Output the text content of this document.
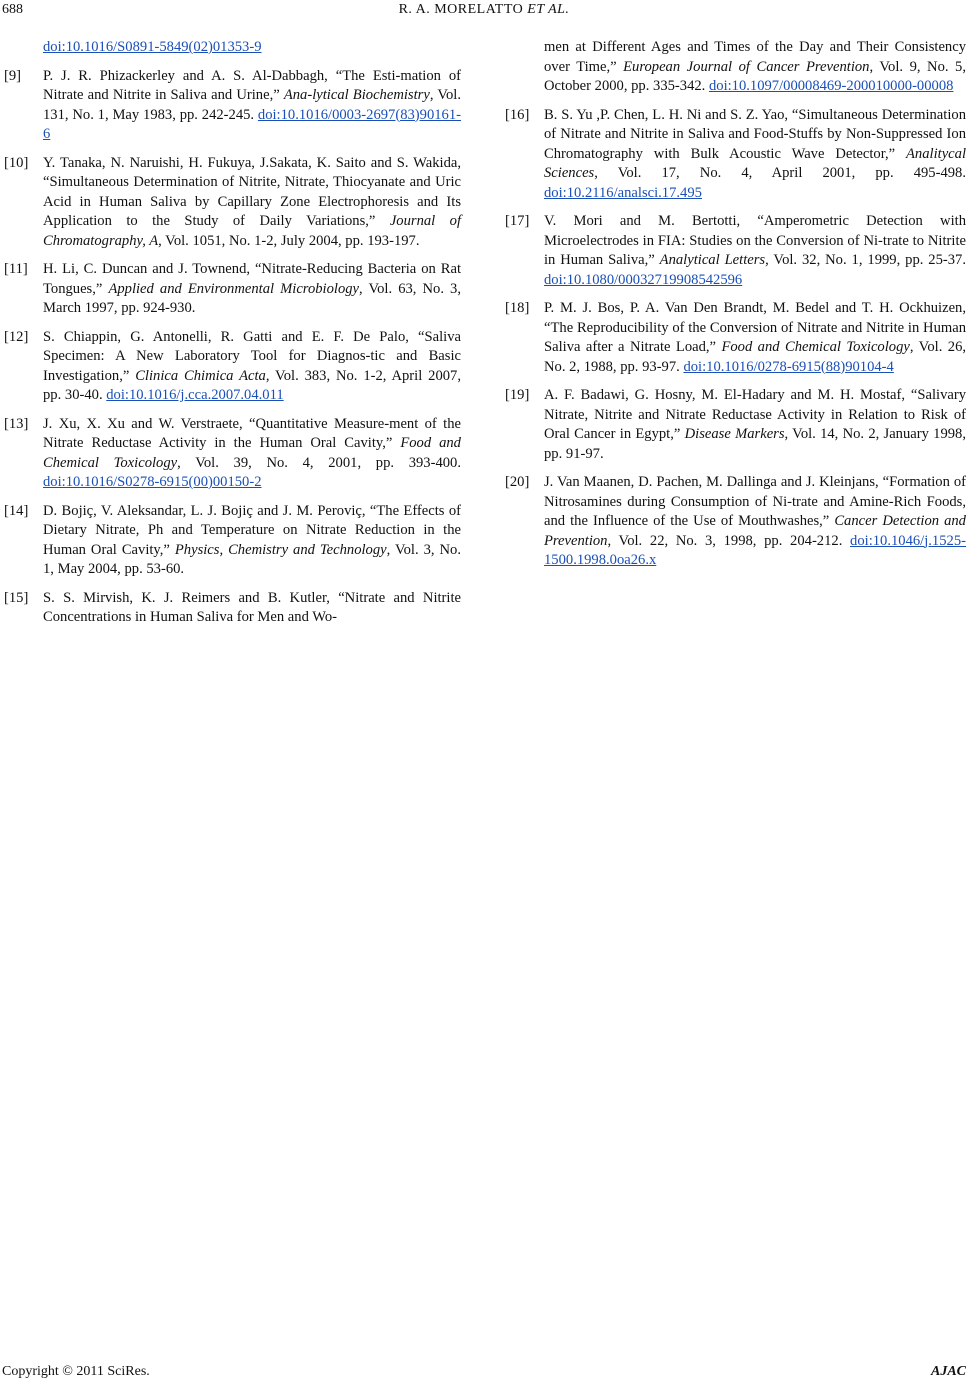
688	R. A. MORELATTO ET AL.
doi:10.1016/S0891-5849(02)01353-9
[9] P. J. R. Phizackerley and A. S. Al-Dabbagh, “The Esti-mation of Nitrate and Nitrite in Saliva and Urine,” Ana-lytical Biochemistry, Vol. 131, No. 1, May 1983, pp. 242-245. doi:10.1016/0003-2697(83)90161-6
[10] Y. Tanaka, N. Naruishi, H. Fukuya, J.Sakata, K. Saito and S. Wakida, “Simultaneous Determination of Nitrite, Nitrate, Thiocyanate and Uric Acid in Human Saliva by Capillary Zone Electrophoresis and Its Application to the Study of Daily Variations,” Journal of Chromatography, A, Vol. 1051, No. 1-2, July 2004, pp. 193-197.
[11] H. Li, C. Duncan and J. Townend, “Nitrate-Reducing Bacteria on Rat Tongues,” Applied and Environmental Microbiology, Vol. 63, No. 3, March 1997, pp. 924-930.
[12] S. Chiappin, G. Antonelli, R. Gatti and E. F. De Palo, “Saliva Specimen: A New Laboratory Tool for Diagnos-tic and Basic Investigation,” Clinica Chimica Acta, Vol. 383, No. 1-2, April 2007, pp. 30-40. doi:10.1016/j.cca.2007.04.011
[13] J. Xu, X. Xu and W. Verstraete, “Quantitative Measure-ment of the Nitrate Reductase Activity in the Human Oral Cavity,” Food and Chemical Toxicology, Vol. 39, No. 4, 2001, pp. 393-400. doi:10.1016/S0278-6915(00)00150-2
[14] D. Bojiç, V. Aleksandar, L. J. Bojiç and J. M. Peroviç, “The Effects of Dietary Nitrate, Ph and Temperature on Nitrate Reduction in the Human Oral Cavity,” Physics, Chemistry and Technology, Vol. 3, No. 1, May 2004, pp. 53-60.
[15] S. S. Mirvish, K. J. Reimers and B. Kutler, “Nitrate and Nitrite Concentrations in Human Saliva for Men and Wo-
men at Different Ages and Times of the Day and Their Consistency over Time,” European Journal of Cancer Prevention, Vol. 9, No. 5, October 2000, pp. 335-342. doi:10.1097/00008469-200010000-00008
[16] B. S. Yu ,P. Chen, L. H. Ni and S. Z. Yao, “Simultaneous Determination of Nitrate and Nitrite in Saliva and Food-Stuffs by Non-Suppressed Ion Chromatography with Bulk Acoustic Wave Detector,” Analitycal Sciences, Vol. 17, No. 4, April 2001, pp. 495-498. doi:10.2116/analsci.17.495
[17] V. Mori and M. Bertotti, “Amperometric Detection with Microelectrodes in FIA: Studies on the Conversion of Ni-trate to Nitrite in Human Saliva,” Analytical Letters, Vol. 32, No. 1, 1999, pp. 25-37. doi:10.1080/00032719908542596
[18] P. M. J. Bos, P. A. Van Den Brandt, M. Bedel and T. H. Ockhuizen, “The Reproducibility of the Conversion of Nitrate and Nitrite in Human Saliva after a Nitrate Load,” Food and Chemical Toxicology, Vol. 26, No. 2, 1988, pp. 93-97. doi:10.1016/0278-6915(88)90104-4
[19] A. F. Badawi, G. Hosny, M. El-Hadary and M. H. Mostaf, “Salivary Nitrate, Nitrite and Nitrate Reductase Activity in Relation to Risk of Oral Cancer in Egypt,” Disease Markers, Vol. 14, No. 2, January 1998, pp. 91-97.
[20] J. Van Maanen, D. Pachen, M. Dallinga and J. Kleinjans, “Formation of Nitrosamines during Consumption of Ni-trate and Amine-Rich Foods, and the Influence of the Use of Mouthwashes,” Cancer Detection and Prevention, Vol. 22, No. 3, 1998, pp. 204-212. doi:10.1046/j.1525-1500.1998.0oa26.x
Copyright © 2011 SciRes.	AJAC
